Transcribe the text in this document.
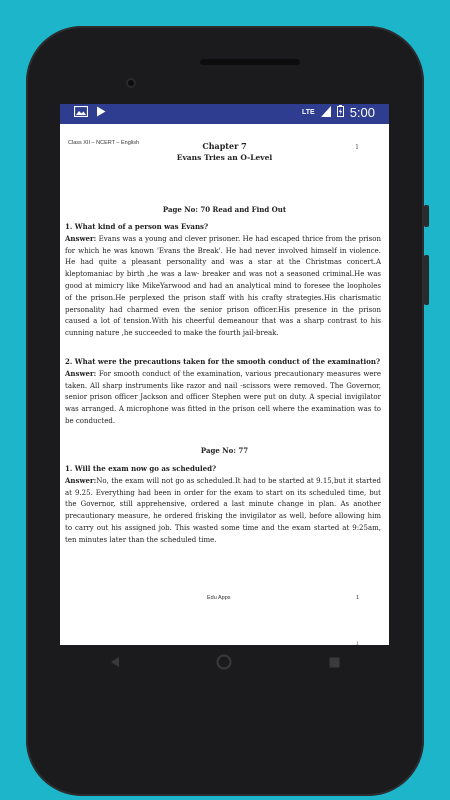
LTE	5:00
Class XII – NCERT – English
1
Chapter 7
Evans Tries an O-Level
Page No: 70 Read and Find Out
1. What kind of a person was Evans?

Answer: Evans was a young and clever prisoner. He had escaped thrice from the prison for which he was known 'Evans the Break'. He had never involved himself in violence. He had quite a pleasant personality and was a star at the Christmas concert.A kleptomaniac by birth ,he was a law- breaker and was not a seasoned criminal.He was good at mimicry like MikeYarwood and had an analytical mind to foresee the loopholes of the prison.He perplexed the prison staff with his crafty strategies.His charismatic personality had charmed even the senior prison officer.His presence in the prison caused a lot of tension.With his cheerful demeanour that was a sharp contrast to his cunning nature ,he succeeded to make the fourth jail-break.

2. What were the precautions taken for the smooth conduct of the examination?

Answer: For smooth conduct of the examination, various precautionary measures were taken. All sharp instruments like razor and nail -scissors were removed. The Governor, senior prison officer Jackson and officer Stephen were put on duty. A special invigilator was arranged. A microphone was fitted in the prison cell where the examination was to be conducted.

Page No: 77
1. Will the exam now go as scheduled?

Answer:No, the exam will not go as scheduled.It had to be started at 9.15,but it started at 9.25. Everything had been in order for the exam to start on its scheduled time, but the Governor, still apprehensive, ordered a last minute change in plan. As another precautionary measure, he ordered frisking the invigilator as well, before allowing him to carry out his assigned job. This wasted some time and the exam started at 9:25am, ten minutes later than the scheduled time.

Edu Apps	1
1
